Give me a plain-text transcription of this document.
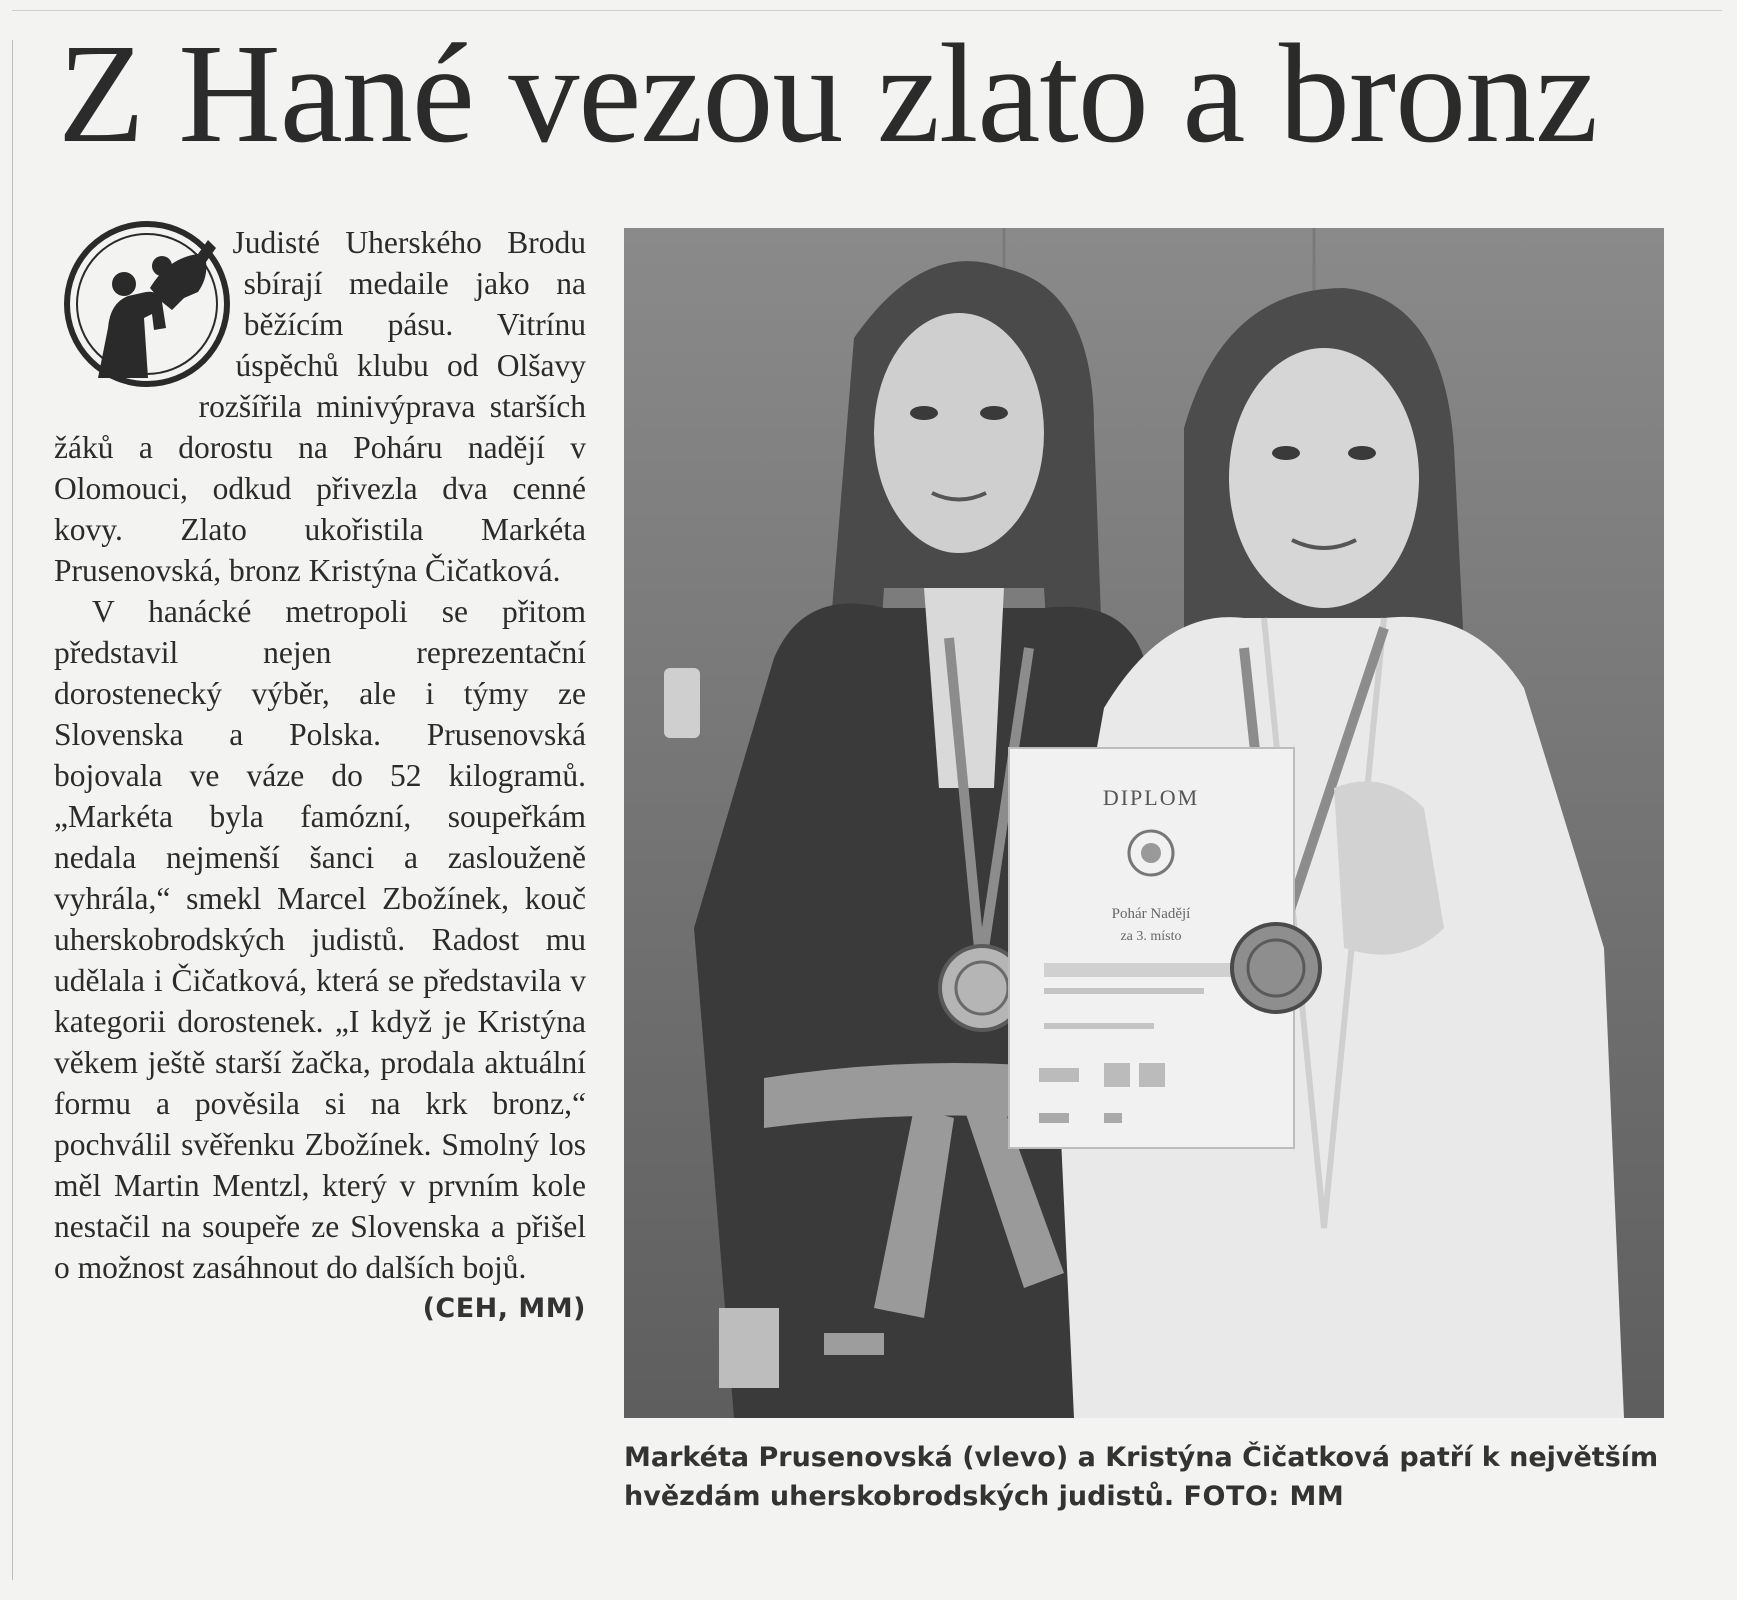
Z Hané vezou zlato a bronz

Judisté Uherského Brodu sbírají medaile jako na běžícím pásu. Vitrínu úspěchů klubu od Olšavy rozšířila minivýprava starších žáků a dorostu na Poháru nadějí v Olomouci, odkud přivezla dva cenné kovy. Zlato ukořistila Markéta Prusenovská, bronz Kristýna Čičatková.

V hanácké metropoli se přitom představil nejen reprezentační dorostenecký výběr, ale i týmy ze Slovenska a Polska. Prusenovská bojovala ve váze do 52 kilogramů. „Markéta byla famózní, soupeřkám nedala nejmenší šanci a zaslouženě vyhrála,“ smekl Marcel Zbožínek, kouč uherskobrodských judistů. Radost mu udělala i Čičatková, která se představila v kategorii dorostenek. „I když je Kristýna věkem ještě starší žačka, prodala aktuální formu a pověsila si na krk bronz,“ pochválil svěřenku Zbožínek. Smolný los měl Martin Mentzl, který v prvním kole nestačil na soupeře ze Slovenska a přišel o možnost zasáhnout do dalších bojů.
(CEH, MM)

DIPLOM
Pohár Nadějí
za 3. místo
Markéta Prusenovská (vlevo) a Kristýna Čičatková patří k největším hvězdám uherskobrodských judistů. FOTO: MM
